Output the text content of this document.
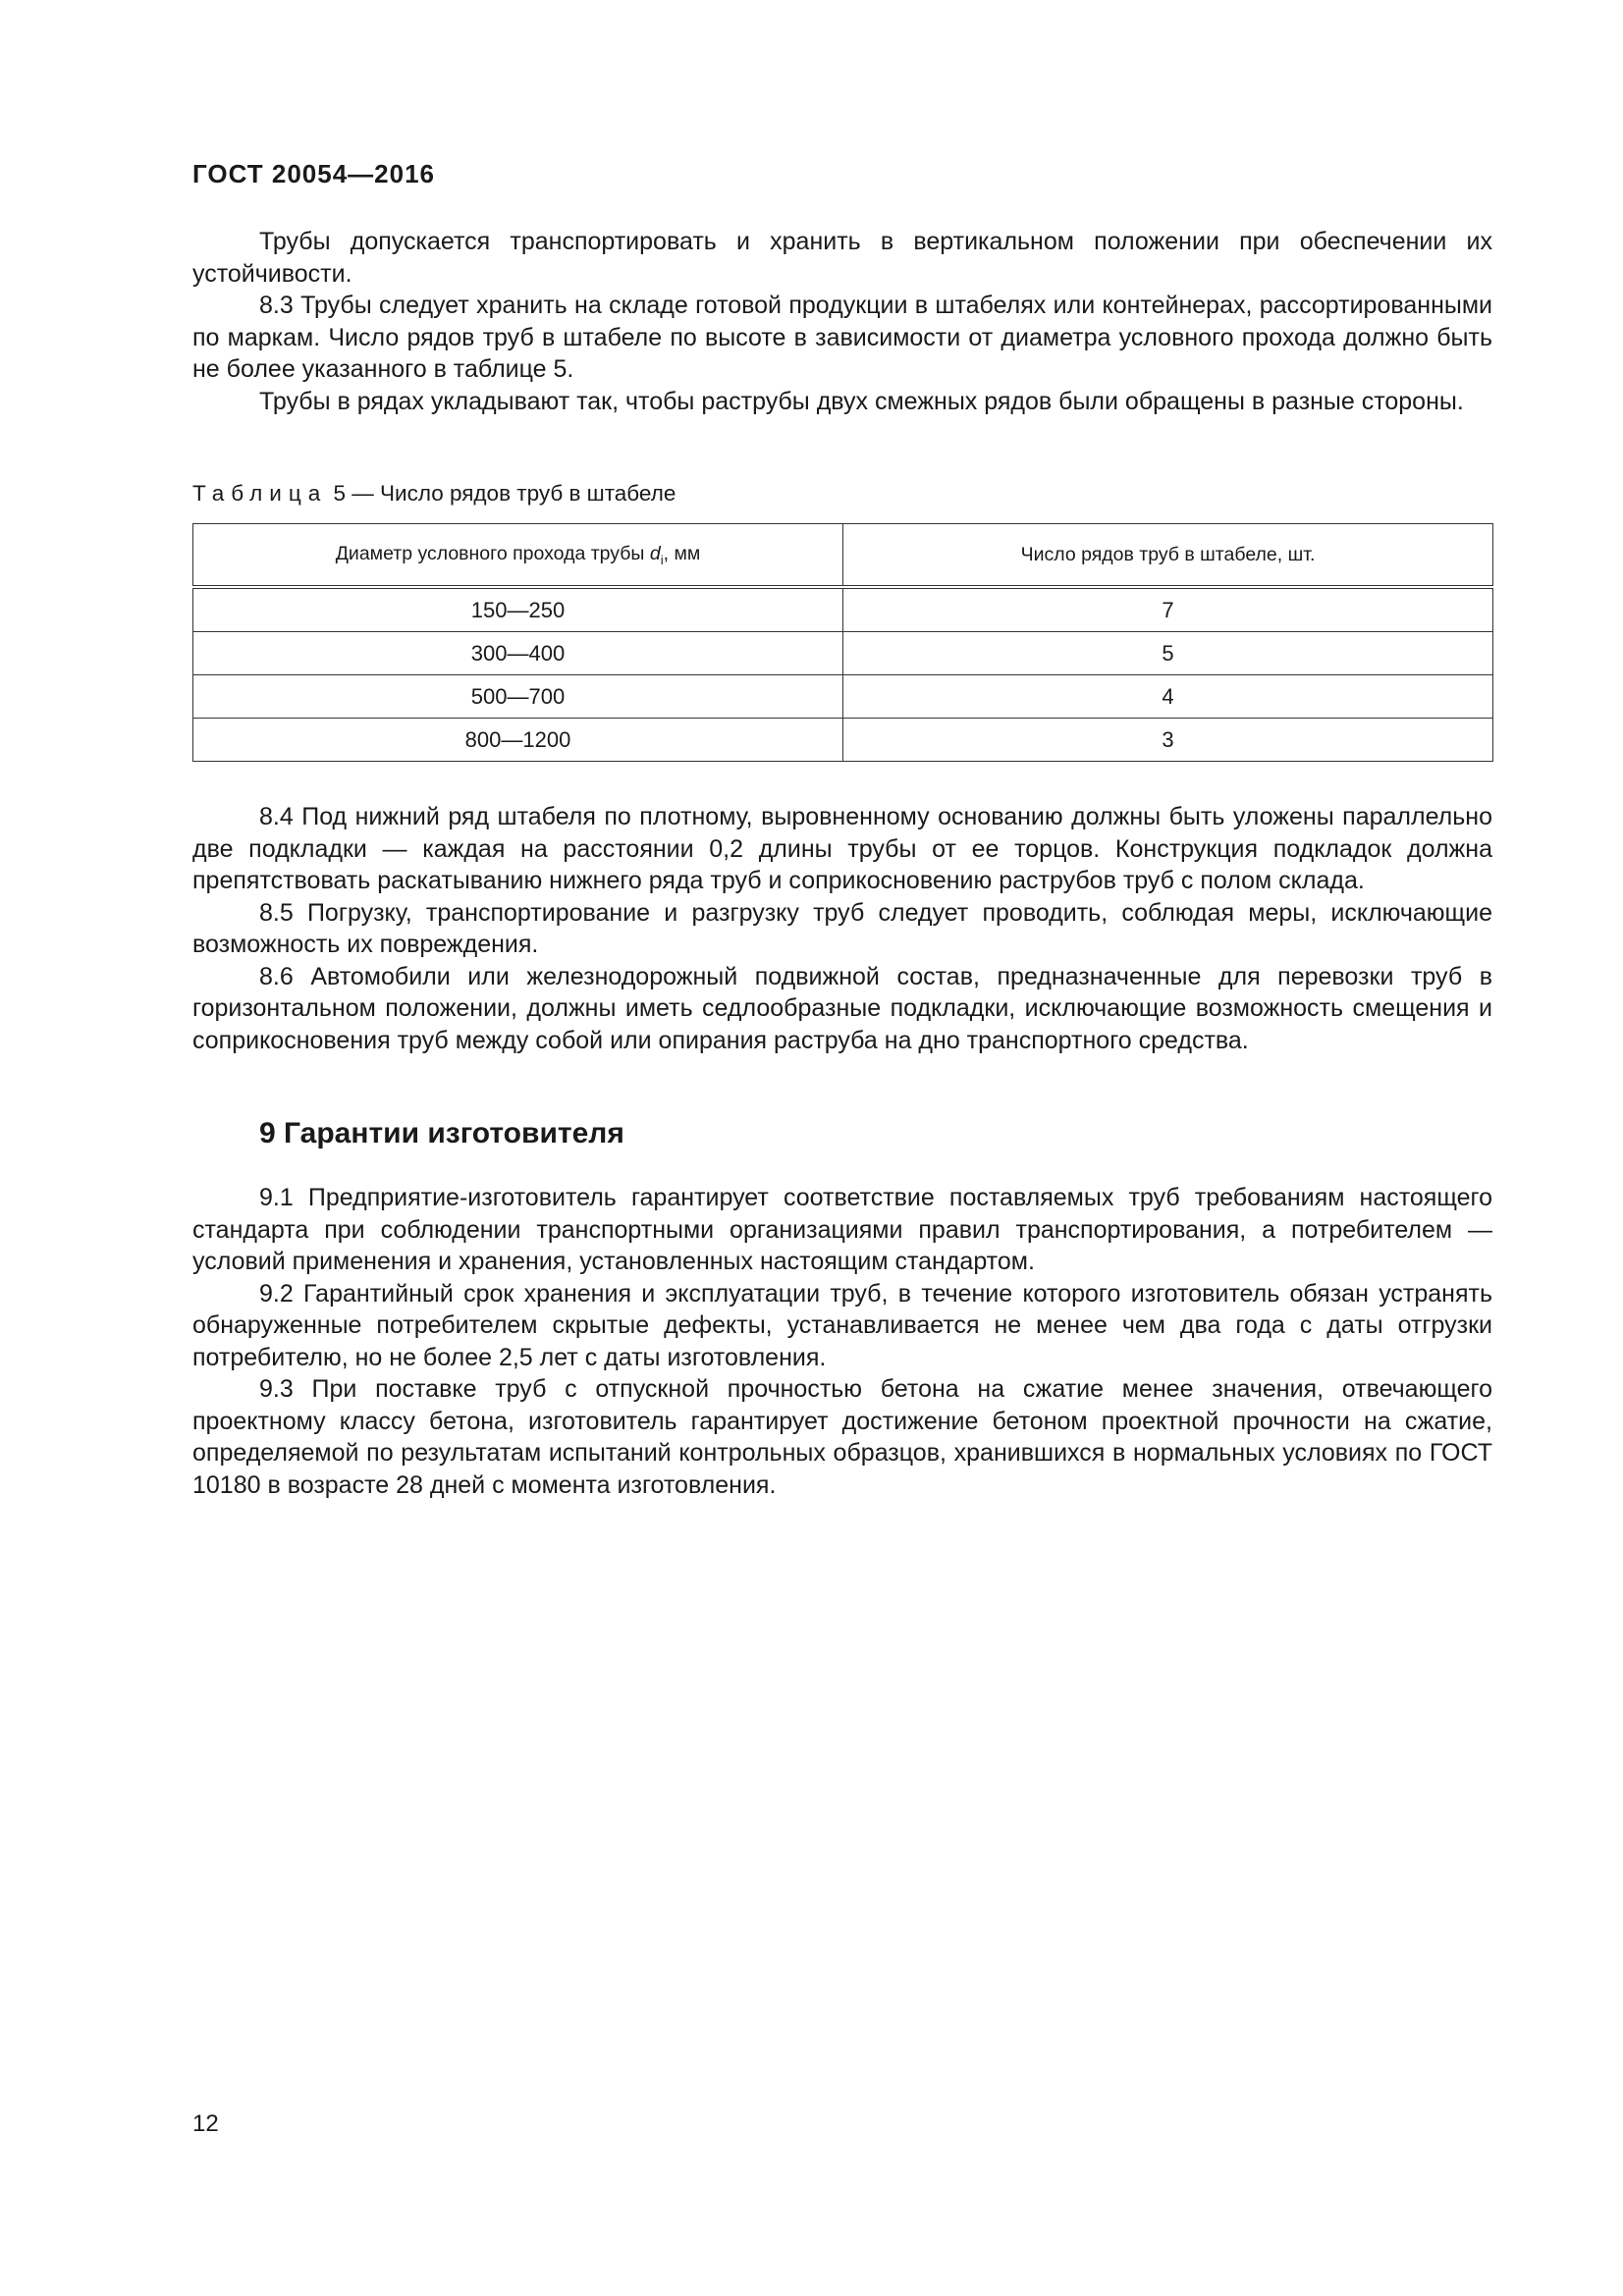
ГОСТ 20054—2016

Трубы допускается транспортировать и хранить в вертикальном положении при обеспечении их устойчивости.

8.3 Трубы следует хранить на складе готовой продукции в штабелях или контейнерах, рассортированными по маркам. Число рядов труб в штабеле по высоте в зависимости от диаметра условного прохода должно быть не более указанного в таблице 5.

Трубы в рядах укладывают так, чтобы раструбы двух смежных рядов были обращены в разные стороны.

Таблица 5 — Число рядов труб в штабеле
Диаметр условного прохода трубы $d_i$, мм	Число рядов труб в штабеле, шт.
150—250	7
300—400	5
500—700	4
800—1200	3

8.4 Под нижний ряд штабеля по плотному, выровненному основанию должны быть уложены параллельно две подкладки — каждая на расстоянии 0,2 длины трубы от ее торцов. Конструкция подкладок должна препятствовать раскатыванию нижнего ряда труб и соприкосновению раструбов труб с полом склада.

8.5 Погрузку, транспортирование и разгрузку труб следует проводить, соблюдая меры, исключающие возможность их повреждения.

8.6 Автомобили или железнодорожный подвижной состав, предназначенные для перевозки труб в горизонтальном положении, должны иметь седлообразные подкладки, исключающие возможность смещения и соприкосновения труб между собой или опирания раструба на дно транспортного средства.

9 Гарантии изготовителя

9.1 Предприятие-изготовитель гарантирует соответствие поставляемых труб требованиям настоящего стандарта при соблюдении транспортными организациями правил транспортирования, а потребителем — условий применения и хранения, установленных настоящим стандартом.

9.2 Гарантийный срок хранения и эксплуатации труб, в течение которого изготовитель обязан устранять обнаруженные потребителем скрытые дефекты, устанавливается не менее чем два года с даты отгрузки потребителю, но не более 2,5 лет с даты изготовления.

9.3 При поставке труб с отпускной прочностью бетона на сжатие менее значения, отвечающего проектному классу бетона, изготовитель гарантирует достижение бетоном проектной прочности на сжатие, определяемой по результатам испытаний контрольных образцов, хранившихся в нормальных условиях по ГОСТ 10180 в возрасте 28 дней с момента изготовления.

12
